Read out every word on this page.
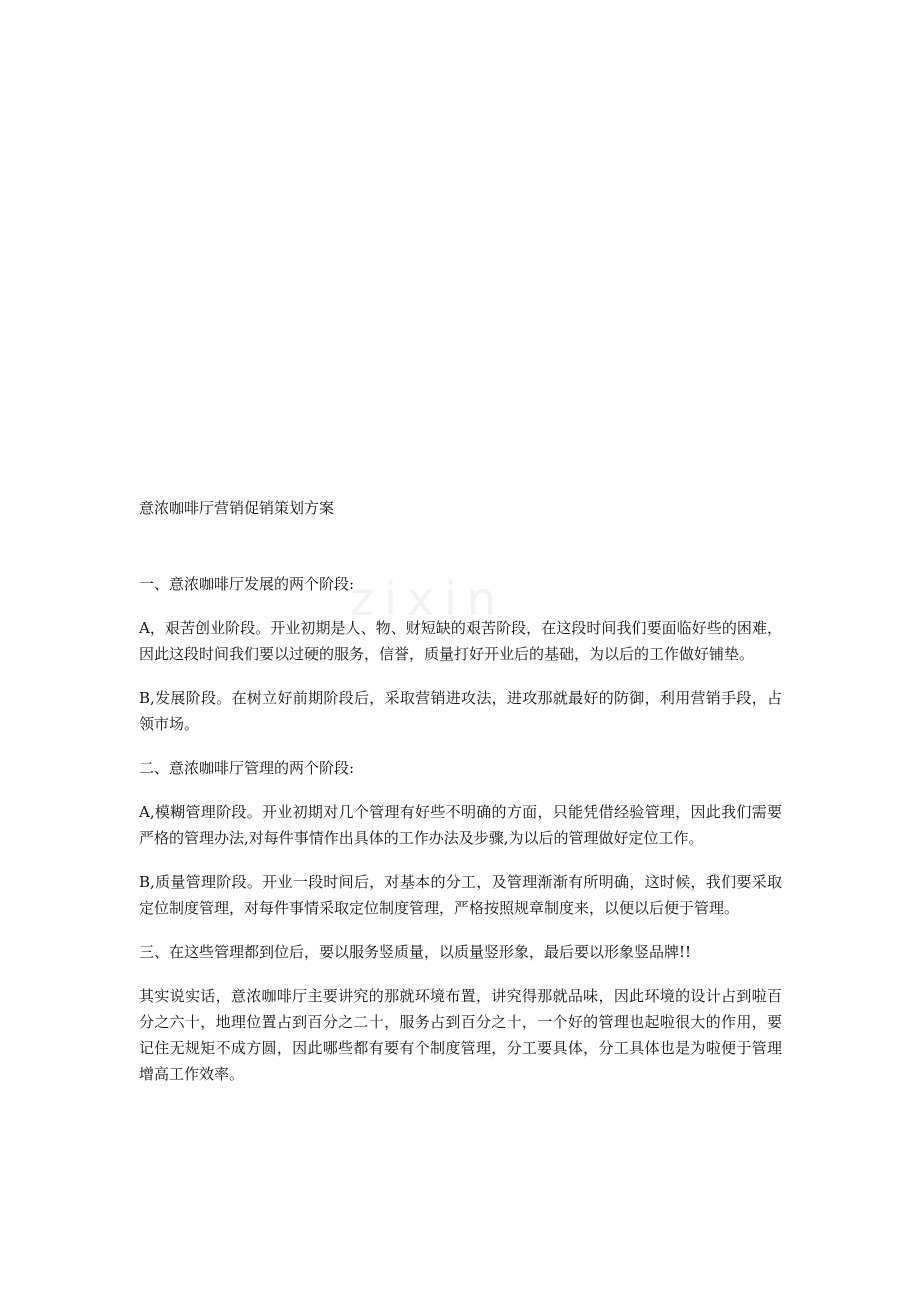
zixin
意浓咖啡厅营销促销策划方案

一、意浓咖啡厅发展的两个阶段:

A，艰苦创业阶段。开业初期是人、物、财短缺的艰苦阶段，在这段时间我们要面临好些的困难，因此这段时间我们要以过硬的服务，信誉，质量打好开业后的基础，为以后的工作做好铺垫。

B,发展阶段。在树立好前期阶段后，采取营销进攻法，进攻那就最好的防御，利用营销手段，占领市场。

二、意浓咖啡厅管理的两个阶段:

A,模糊管理阶段。开业初期对几个管理有好些不明确的方面，只能凭借经验管理，因此我们需要严格的管理办法,对每件事情作出具体的工作办法及步骤,为以后的管理做好定位工作。

B,质量管理阶段。开业一段时间后，对基本的分工，及管理渐渐有所明确，这时候，我们要采取定位制度管理，对每件事情采取定位制度管理，严格按照规章制度来，以便以后便于管理。

三、在这些管理都到位后，要以服务竖质量，以质量竖形象，最后要以形象竖品牌!!

其实说实话，意浓咖啡厅主要讲究的那就环境布置，讲究得那就品味，因此环境的设计占到啦百分之六十，地理位置占到百分之二十，服务占到百分之十，一个好的管理也起啦很大的作用，要记住无规矩不成方圆，因此哪些都有要有个制度管理，分工要具体，分工具体也是为啦便于管理增高工作效率。
